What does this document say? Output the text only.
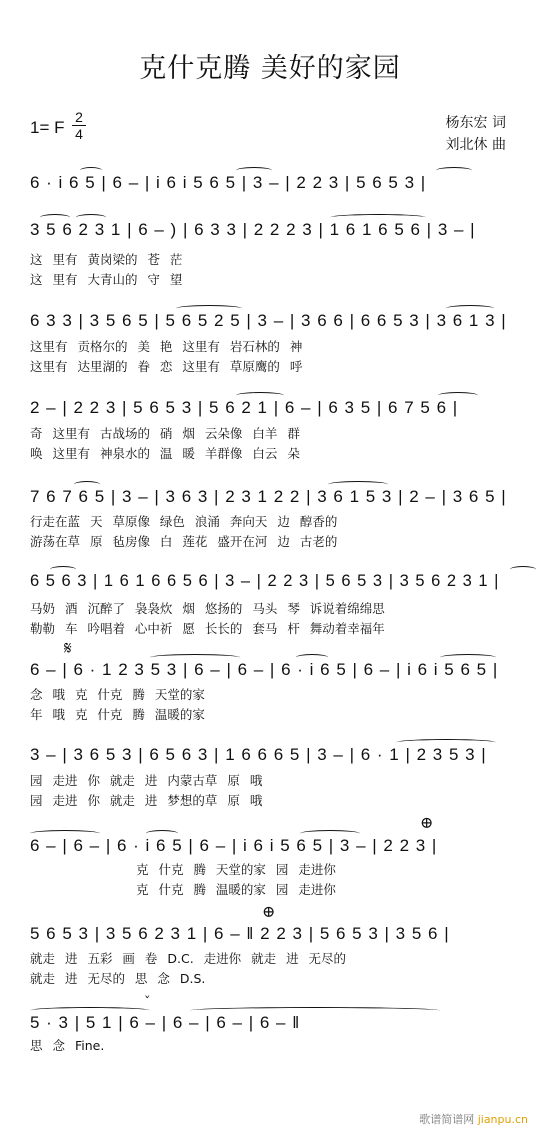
克什克腾 美好的家园
1= F
2
4
杨东宏 词
刘北休 曲
6 · i 6 5 | 6 – | i 6 i 5 6 5 | 3 – | 2 2 3 | 5 6 5 3 |
3 5 6 2 3 1 | 6 – ) | 6 3 3 | 2 2 2 3 | 1 6 1 6 5 6 | 3 – |
这 里有 黄岗梁的 苍 茫
这 里有 大青山的 守 望
6 3 3 | 3 5 6 5 | 5 6 5 2 5 | 3 – | 3 6 6 | 6 6 5 3 | 3 6 1 3 |
这里有 贡格尔的 美 艳 这里有 岩石林的 神
这里有 达里湖的 眷 恋 这里有 草原鹰的 呼
2 – | 2 2 3 | 5 6 5 3 | 5 6 2 1 | 6 – | 6 3 5 | 6 7 5 6 |
奇 这里有 古战场的 硝 烟 云朵像 白羊 群
唤 这里有 神泉水的 温 暖 羊群像 白云 朵
7 6 7 6 5 | 3 – | 3 6 3 | 2 3 1 2 2 | 3 6 1 5 3 | 2 – | 3 6 5 |
行走在蓝 天 草原像 绿色 浪涌 奔向天 边 醇香的
游荡在草 原 毡房像 白 莲花 盛开在河 边 古老的
6 5 6 3 | 1 6 1 6 6 5 6 | 3 – | 2 2 3 | 5 6 5 3 | 3 5 6 2 3 1 |
马奶 酒 沉醉了 袅袅炊 烟 悠扬的 马头 琴 诉说着绵绵思
勒勒 车 吟唱着 心中祈 愿 长长的 套马 杆 舞动着幸福年
𝄋
6 – | 6 · 1 2 3 5 3 | 6 – | 6 – | 6 · i 6 5 | 6 – | i 6 i 5 6 5 |
念 哦 克 什克 腾 天堂的家
年 哦 克 什克 腾 温暖的家
3 – | 3 6 5 3 | 6 5 6 3 | 1 6 6 6 5 | 3 – | 6 · 1 | 2 3 5 3 |
园 走进 你 就走 进 内蒙古草 原 哦
园 走进 你 就走 进 梦想的草 原 哦
⊕
6 – | 6 – | 6 · i 6 5 | 6 – | i 6 i 5 6 5 | 3 – | 2 2 3 |
克 什克 腾 天堂的家 园 走进你
克 什克 腾 温暖的家 园 走进你
⊕
5 6 5 3 | 3 5 6 2 3 1 | 6 – ‖ 2 2 3 | 5 6 5 3 | 3 5 6 |
就走 进 五彩 画 卷 D.C. 走进你 就走 进 无尽的
就走 进 无尽的 思 念 D.S.
ˇ
5 · 3 | 5 1 | 6 – | 6 – | 6 – | 6 – ‖
思 念 Fine.
歌谱简谱网 jianpu.cn
